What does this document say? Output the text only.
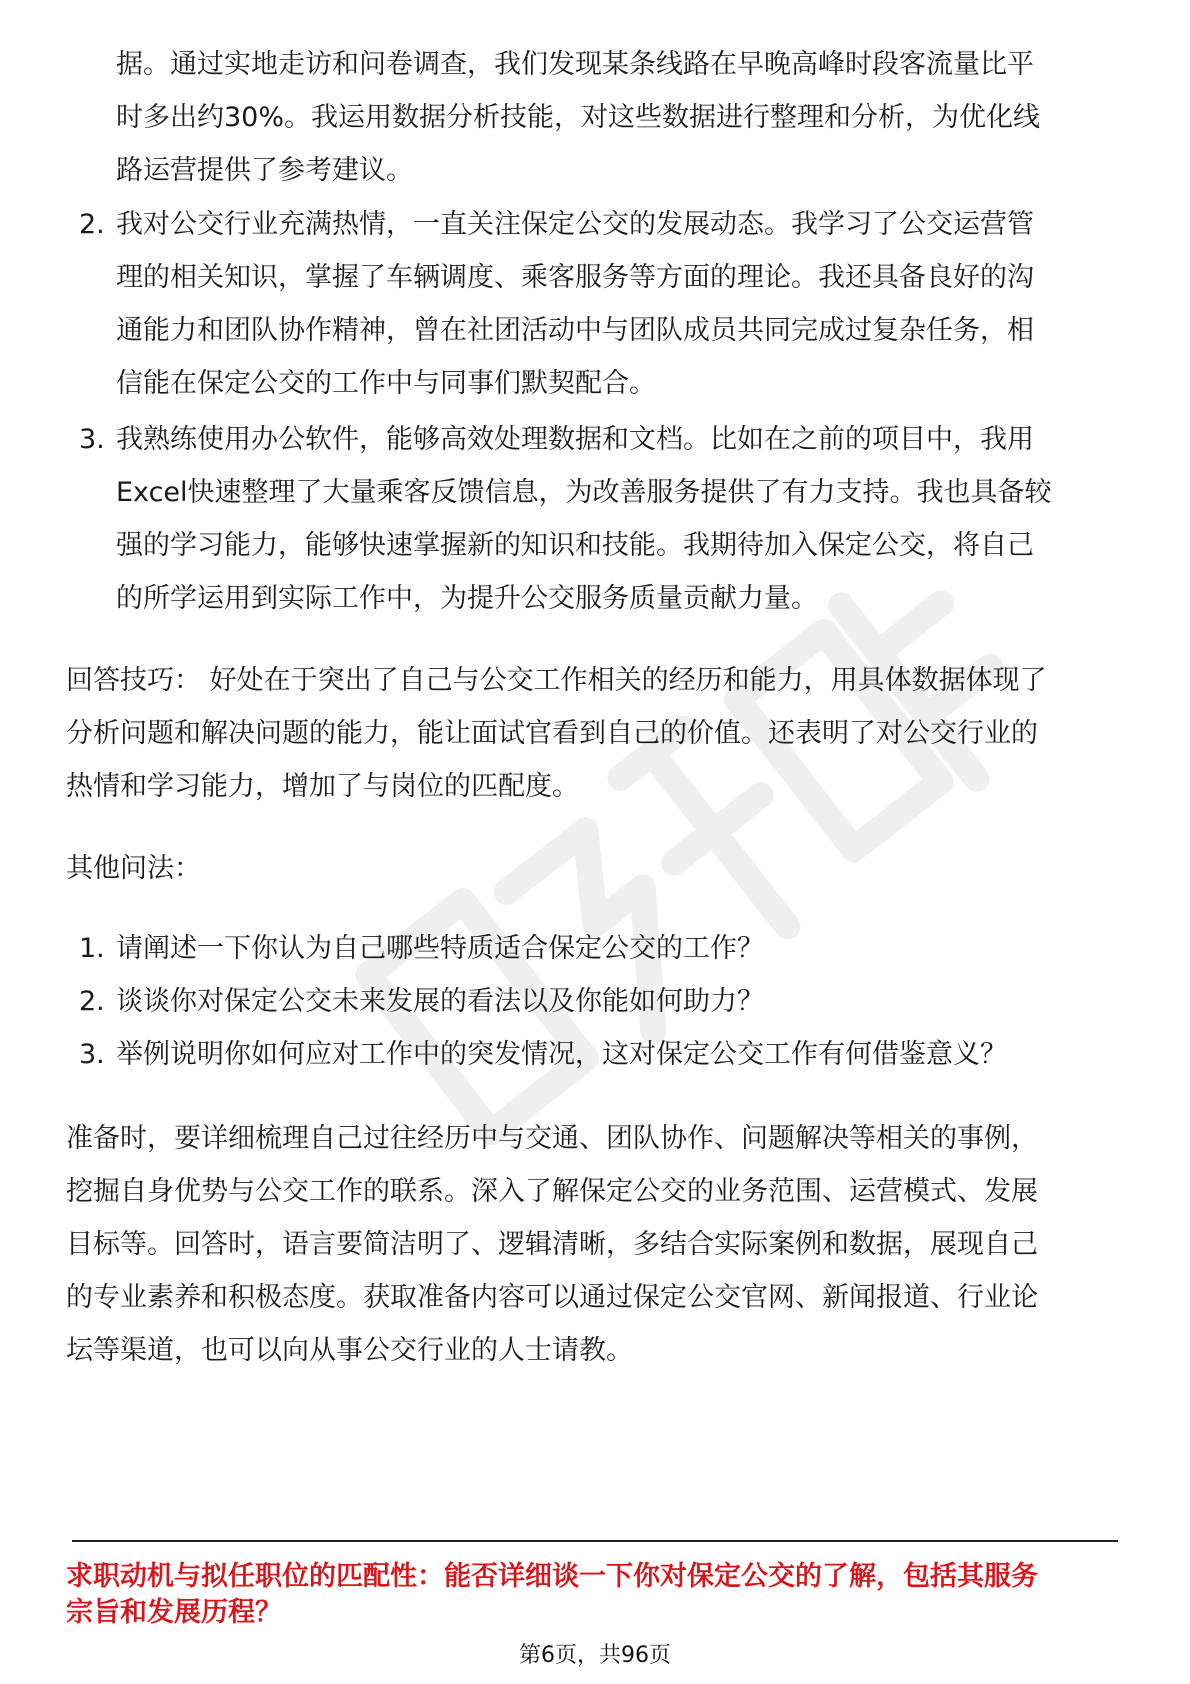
据。通过实地走访和问卷调查，我们发现某条线路在早晚高峰时段客流量比平
时多出约30%。我运用数据分析技能，对这些数据进行整理和分析，为优化线
路运营提供了参考建议。
2. 我对公交行业充满热情，一直关注保定公交的发展动态。我学习了公交运营管
理的相关知识，掌握了车辆调度、乘客服务等方面的理论。我还具备良好的沟
通能力和团队协作精神，曾在社团活动中与团队成员共同完成过复杂任务，相
信能在保定公交的工作中与同事们默契配合。
3. 我熟练使用办公软件，能够高效处理数据和文档。比如在之前的项目中，我用
Excel快速整理了大量乘客反馈信息，为改善服务提供了有力支持。我也具备较
强的学习能力，能够快速掌握新的知识和技能。我期待加入保定公交，将自己
的所学运用到实际工作中，为提升公交服务质量贡献力量。
回答技巧： 好处在于突出了自己与公交工作相关的经历和能力，用具体数据体现了
分析问题和解决问题的能力，能让面试官看到自己的价值。还表明了对公交行业的
热情和学习能力，增加了与岗位的匹配度。
其他问法：
1. 请阐述一下你认为自己哪些特质适合保定公交的工作？
2. 谈谈你对保定公交未来发展的看法以及你能如何助力？
3. 举例说明你如何应对工作中的突发情况，这对保定公交工作有何借鉴意义？
准备时，要详细梳理自己过往经历中与交通、团队协作、问题解决等相关的事例，
挖掘自身优势与公交工作的联系。深入了解保定公交的业务范围、运营模式、发展
目标等。回答时，语言要简洁明了、逻辑清晰，多结合实际案例和数据，展现自己
的专业素养和积极态度。获取准备内容可以通过保定公交官网、新闻报道、行业论
坛等渠道，也可以向从事公交行业的人士请教。
求职动机与拟任职位的匹配性：能否详细谈一下你对保定公交的了解，包括其服务
宗旨和发展历程？
第6页，共96页
